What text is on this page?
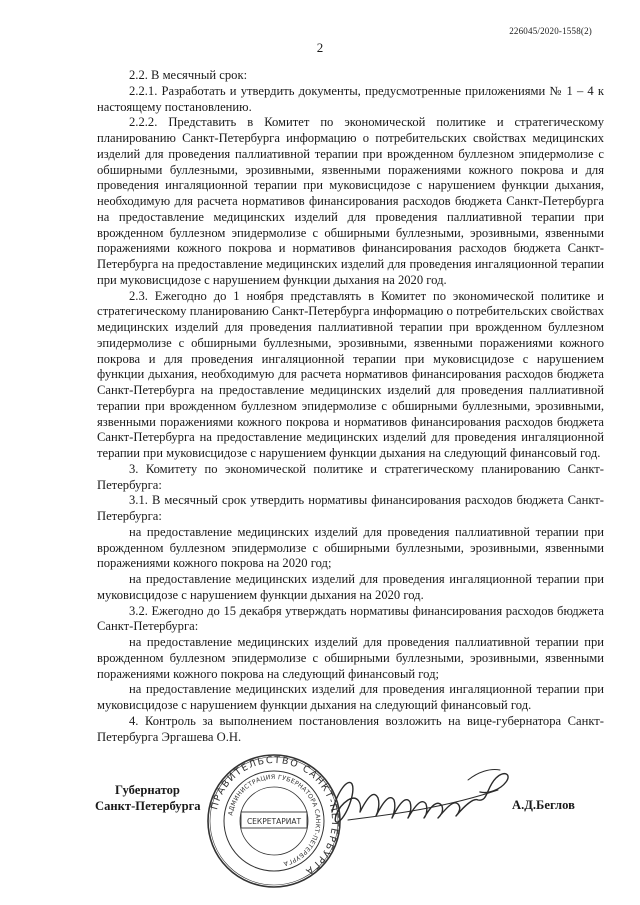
226045/2020-1558(2)
2

2.2. В месячный срок:

2.2.1. Разработать и утвердить документы, предусмотренные приложениями № 1 – 4 к настоящему постановлению.

2.2.2. Представить в Комитет по экономической политике и стратегическому планированию Санкт-Петербурга информацию о потребительских свойствах медицинских изделий для проведения паллиативной терапии при врожденном буллезном эпидермолизе с обширными буллезными, эрозивными, язвенными поражениями кожного покрова и для проведения ингаляционной терапии при муковисцидозе с нарушением функции дыхания, необходимую для расчета нормативов финансирования расходов бюджета Санкт-Петербурга на предоставление медицинских изделий для проведения паллиативной терапии при врожденном буллезном эпидермолизе с обширными буллезными, эрозивными, язвенными поражениями кожного покрова и нормативов финансирования расходов бюджета Санкт-Петербурга на предоставление медицинских изделий для проведения ингаляционной терапии при муковисцидозе с нарушением функции дыхания на 2020 год.

2.3. Ежегодно до 1 ноября представлять в Комитет по экономической политике и стратегическому планированию Санкт-Петербурга информацию о потребительских свойствах медицинских изделий для проведения паллиативной терапии при врожденном буллезном эпидермолизе с обширными буллезными, эрозивными, язвенными поражениями кожного покрова и для проведения ингаляционной терапии при муковисцидозе с нарушением функции дыхания, необходимую для расчета нормативов финансирования расходов бюджета Санкт-Петербурга на предоставление медицинских изделий для проведения паллиативной терапии при врожденном буллезном эпидермолизе с обширными буллезными, эрозивными, язвенными поражениями кожного покрова и нормативов финансирования расходов бюджета Санкт-Петербурга на предоставление медицинских изделий для проведения ингаляционной терапии при муковисцидозе с нарушением функции дыхания на следующий финансовый год.

3. Комитету по экономической политике и стратегическому планированию Санкт-Петербурга:

3.1. В месячный срок утвердить нормативы финансирования расходов бюджета Санкт-Петербурга:

на предоставление медицинских изделий для проведения паллиативной терапии при врожденном буллезном эпидермолизе с обширными буллезными, эрозивными, язвенными поражениями кожного покрова на 2020 год;

на предоставление медицинских изделий для проведения ингаляционной терапии при муковисцидозе с нарушением функции дыхания на 2020 год.

3.2. Ежегодно до 15 декабря утверждать нормативы финансирования расходов бюджета Санкт-Петербурга:

на предоставление медицинских изделий для проведения паллиативной терапии при врожденном буллезном эпидермолизе с обширными буллезными, эрозивными, язвенными поражениями кожного покрова на следующий финансовый год;

на предоставление медицинских изделий для проведения ингаляционной терапии при муковисцидозе с нарушением функции дыхания на следующий финансовый год.

4. Контроль за выполнением постановления возложить на вице-губернатора Санкт-Петербурга Эргашева О.Н.

Губернатор
Санкт-Петербурга	А.Д.Беглов
ПРАВИТЕЛЬСТВО САНКТ-ПЕТЕРБУРГА
АДМИНИСТРАЦИЯ ГУБЕРНАТОРА САНКТ-ПЕТЕРБУРГА
СЕКРЕТАРИАТ
